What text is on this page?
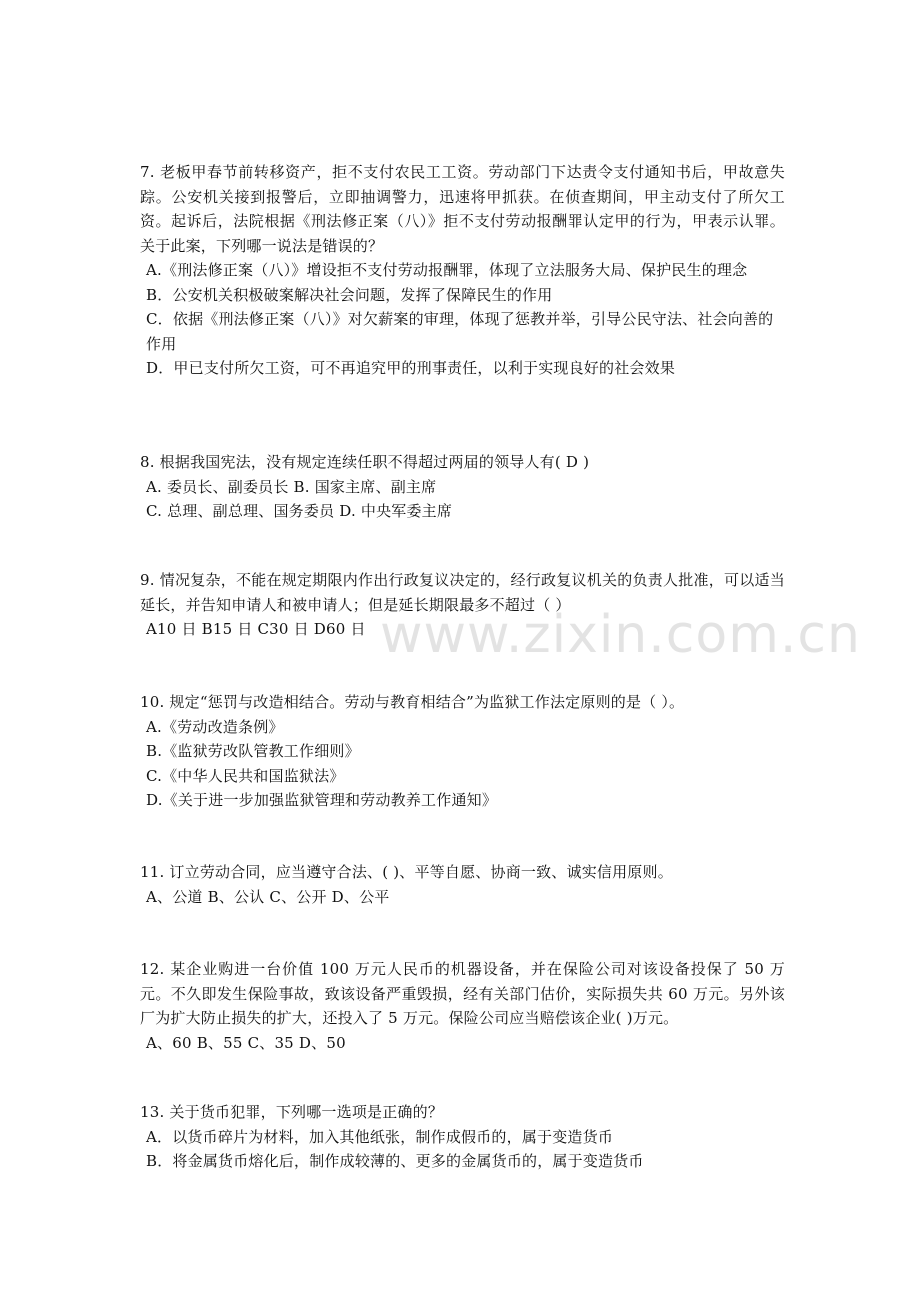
www.zixin.com.cn

7. 老板甲春节前转移资产，拒不支付农民工工资。劳动部门下达责令支付通知书后，甲故意失踪。公安机关接到报警后，立即抽调警力，迅速将甲抓获。在侦查期间，甲主动支付了所欠工资。起诉后，法院根据《刑法修正案（八）》拒不支付劳动报酬罪认定甲的行为，甲表示认罪。关于此案，下列哪一说法是错误的？

A.《刑法修正案（八）》增设拒不支付劳动报酬罪，体现了立法服务大局、保护民生的理念
B．公安机关积极破案解决社会问题，发挥了保障民生的作用
C．依据《刑法修正案（八）》对欠薪案的审理，体现了惩教并举，引导公民守法、社会向善的作用
D．甲已支付所欠工资，可不再追究甲的刑事责任，以利于实现良好的社会效果

8. 根据我国宪法，没有规定连续任职不得超过两届的领导人有( D )

A. 委员长、副委员长 B. 国家主席、副主席
C. 总理、副总理、国务委员 D. 中央军委主席

9. 情况复杂，不能在规定期限内作出行政复议决定的，经行政复议机关的负责人批准，可以适当延长，并告知申请人和被申请人；但是延长期限最多不超过（ ）

A10 日 B15 日 C30 日 D60 日

10. 规定“惩罚与改造相结合。劳动与教育相结合”为监狱工作法定原则的是（ ）。

A.《劳动改造条例》
B.《监狱劳改队管教工作细则》
C.《中华人民共和国监狱法》
D.《关于进一步加强监狱管理和劳动教养工作通知》

11. 订立劳动合同，应当遵守合法、( )、平等自愿、协商一致、诚实信用原则。

A、公道 B、公认 C、公开 D、公平

12. 某企业购进一台价值 100 万元人民币的机器设备，并在保险公司对该设备投保了 50 万元。不久即发生保险事故，致该设备严重毁损，经有关部门估价，实际损失共 60 万元。另外该厂为扩大防止损失的扩大，还投入了 5 万元。保险公司应当赔偿该企业( )万元。

A、60 B、55 C、35 D、50

13. 关于货币犯罪，下列哪一选项是正确的？

A．以货币碎片为材料，加入其他纸张，制作成假币的，属于变造货币
B．将金属货币熔化后，制作成较薄的、更多的金属货币的，属于变造货币
